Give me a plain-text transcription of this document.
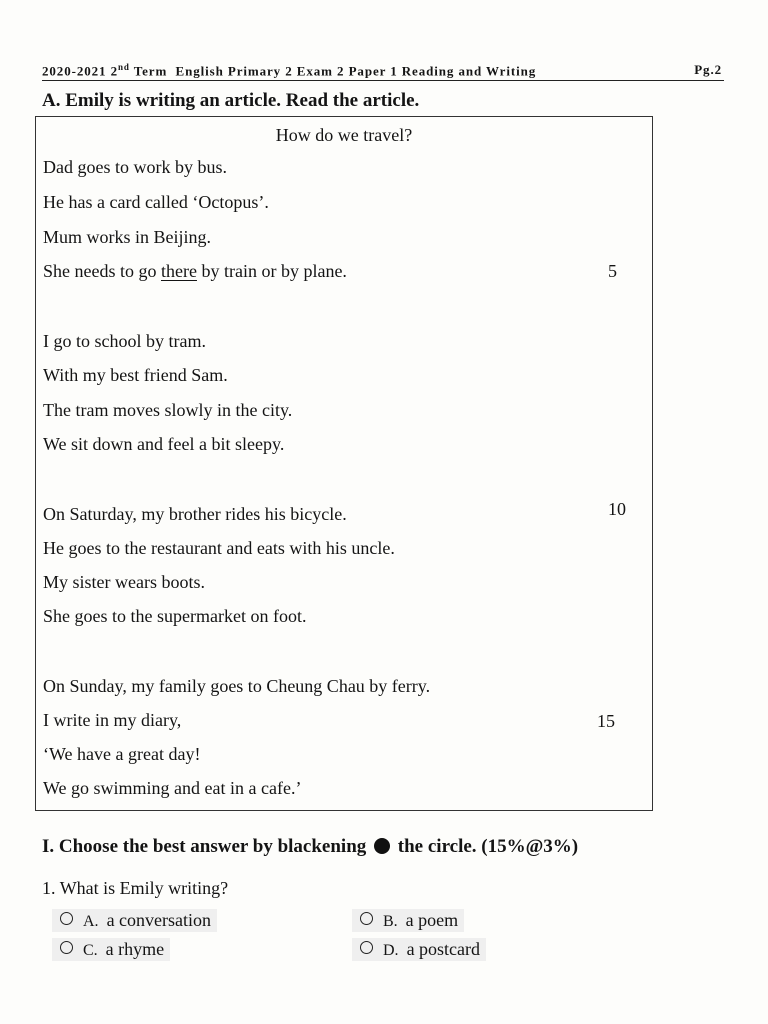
2020-2021 2nd Term English Primary 2 Exam 2 Paper 1 Reading and Writing	Pg.2
A. Emily is writing an article. Read the article.
How do we travel?
Dad goes to work by bus.
He has a card called ‘Octopus’.
Mum works in Beijing.
She needs to go there by train or by plane.
I go to school by tram.
With my best friend Sam.
The tram moves slowly in the city.
We sit down and feel a bit sleepy.
On Saturday, my brother rides his bicycle.
He goes to the restaurant and eats with his uncle.
My sister wears boots.
She goes to the supermarket on foot.
On Sunday, my family goes to Cheung Chau by ferry.
I write in my diary,
‘We have a great day!
We go swimming and eat in a cafe.’
5
10
15
I. Choose the best answer by blackening the circle. (15%@3%)
1. What is Emily writing?
A. a conversation	B. a poem
C. a rhyme	D. a postcard
